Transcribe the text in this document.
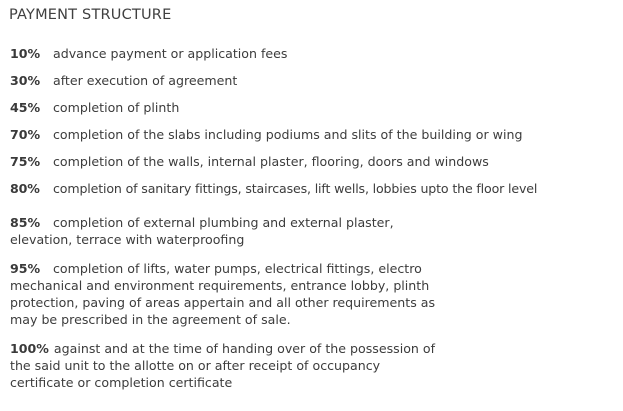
PAYMENT STRUCTURE
10% advance payment or application fees
30% after execution of agreement
45% completion of plinth
70% completion of the slabs including podiums and slits of the building or wing
75% completion of the walls, internal plaster, flooring, doors and windows
80% completion of sanitary fittings, staircases, lift wells, lobbies upto the floor level
85% completion of external plumbing and external plaster,
elevation, terrace with waterproofing
95% completion of lifts, water pumps, electrical fittings, electro
mechanical and environment requirements, entrance lobby, plinth
protection, paving of areas appertain and all other requirements as
may be prescribed in the agreement of sale.
100% against and at the time of handing over of the possession of
the said unit to the allotte on or after receipt of occupancy
certificate or completion certificate
